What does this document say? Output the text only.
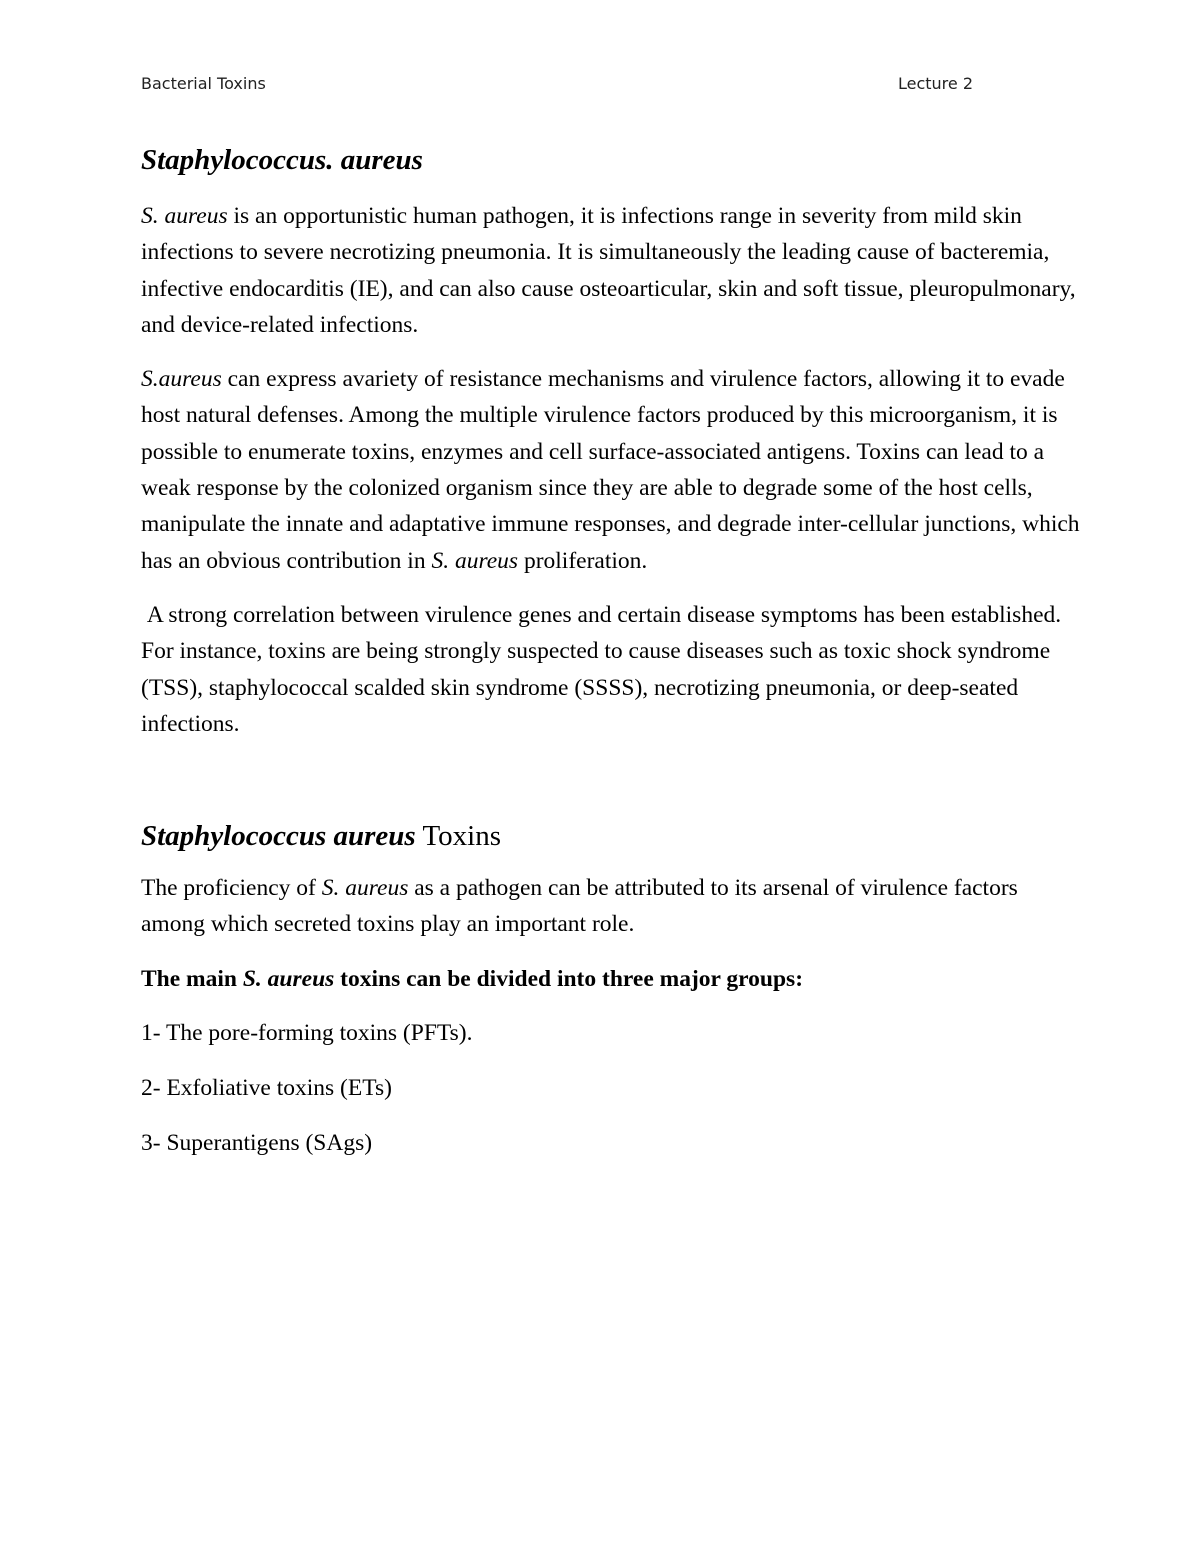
Bacterial Toxins	Lecture 2
Staphylococcus. aureus

S. aureus is an opportunistic human pathogen, it is infections range in severity from mild skin infections to severe necrotizing pneumonia. It is simultaneously the leading cause of bacteremia, infective endocarditis (IE), and can also cause osteoarticular, skin and soft tissue, pleuropulmonary, and device-related infections.

S.aureus can express avariety of resistance mechanisms and virulence factors, allowing it to evade host natural defenses. Among the multiple virulence factors produced by this microorganism, it is possible to enumerate toxins, enzymes and cell surface-associated antigens. Toxins can lead to a weak response by the colonized organism since they are able to degrade some of the host cells, manipulate the innate and adaptative immune responses, and degrade inter-cellular junctions, which has an obvious contribution in S. aureus proliferation.

A strong correlation between virulence genes and certain disease symptoms has been established. For instance, toxins are being strongly suspected to cause diseases such as toxic shock syndrome (TSS), staphylococcal scalded skin syndrome (SSSS), necrotizing pneumonia, or deep-seated infections.

Staphylococcus aureus Toxins

The proficiency of S. aureus as a pathogen can be attributed to its arsenal of virulence factors among which secreted toxins play an important role.

The main S. aureus toxins can be divided into three major groups:

1- The pore-forming toxins (PFTs).
2- Exfoliative toxins (ETs)
3- Superantigens (SAgs)
